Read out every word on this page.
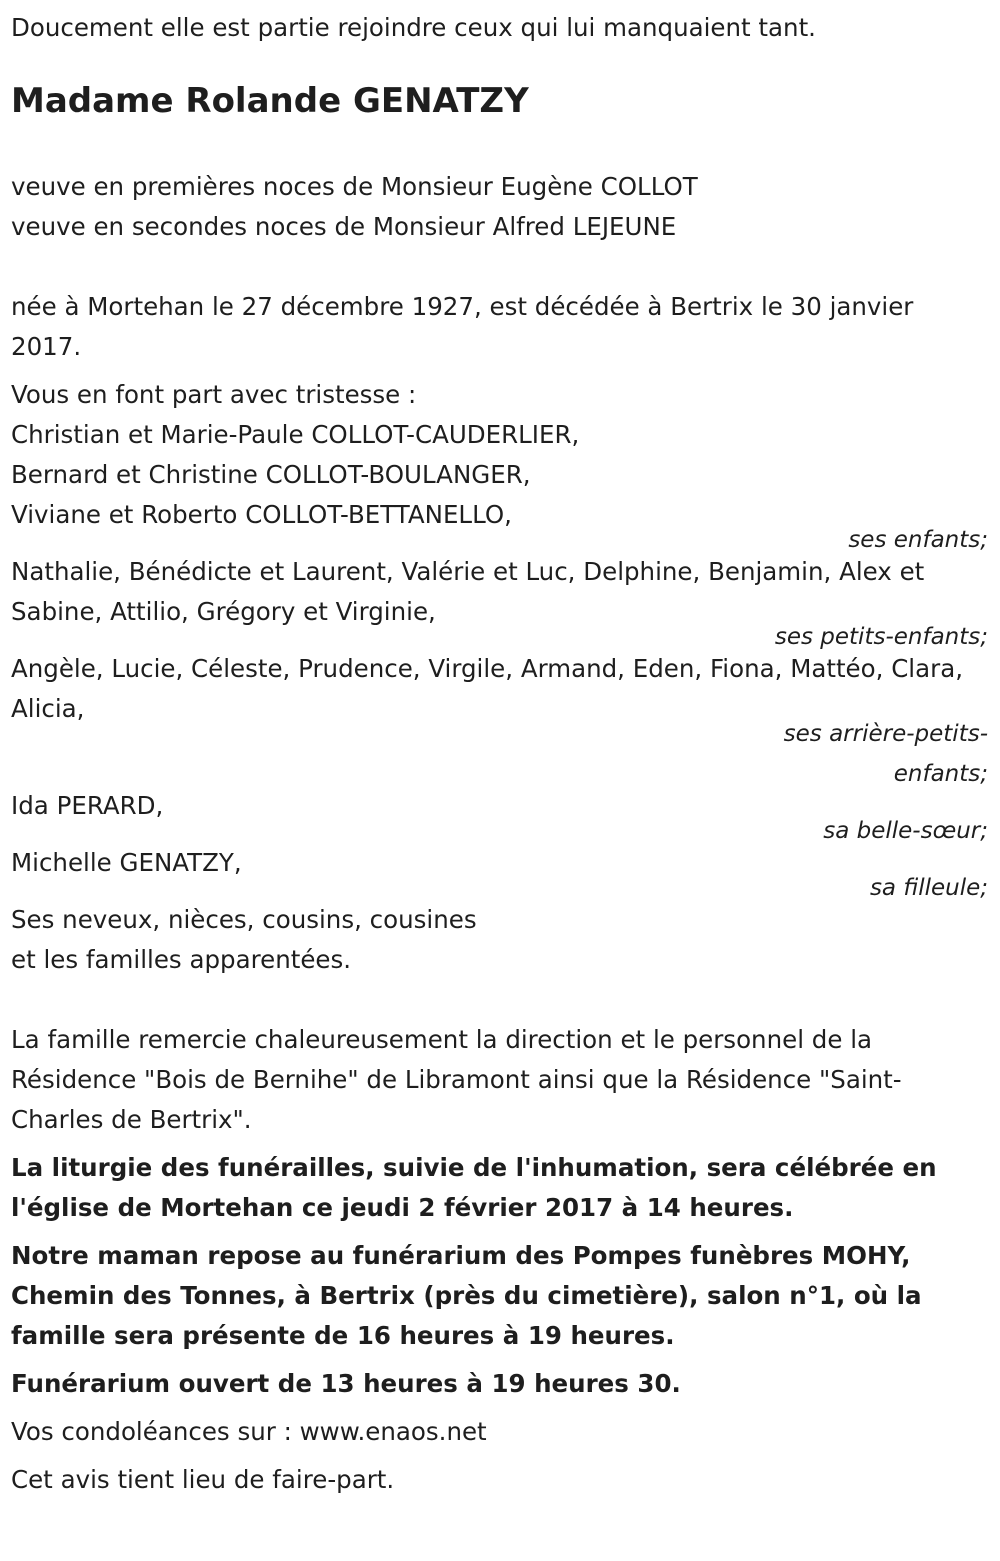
Doucement elle est partie rejoindre ceux qui lui manquaient tant.
Madame Rolande GENATZY
veuve en premières noces de Monsieur Eugène COLLOT
veuve en secondes noces de Monsieur Alfred LEJEUNE
née à Mortehan le 27 décembre 1927, est décédée à Bertrix le 30 janvier 2017.
Vous en font part avec tristesse :
Christian et Marie-Paule COLLOT-CAUDERLIER,
Bernard et Christine COLLOT-BOULANGER,
Viviane et Roberto COLLOT-BETTANELLO,
ses enfants;
Nathalie, Bénédicte et Laurent, Valérie et Luc, Delphine, Benjamin, Alex et Sabine, Attilio, Grégory et Virginie,
ses petits-enfants;
Angèle, Lucie, Céleste, Prudence, Virgile, Armand, Eden, Fiona, Mattéo, Clara, Alicia,
ses arrière-petits-enfants;
Ida PERARD,
sa belle-sœur;
Michelle GENATZY,
sa filleule;
Ses neveux, nièces, cousins, cousines
et les familles apparentées.
La famille remercie chaleureusement la direction et le personnel de la Résidence "Bois de Bernihe" de Libramont ainsi que la Résidence "Saint-Charles de Bertrix".
La liturgie des funérailles, suivie de l'inhumation, sera célébrée en l'église de Mortehan ce jeudi 2 février 2017 à 14 heures.
Notre maman repose au funérarium des Pompes funèbres MOHY, Chemin des Tonnes, à Bertrix (près du cimetière), salon n°1, où la famille sera présente de 16 heures à 19 heures.
Funérarium ouvert de 13 heures à 19 heures 30.
Vos condoléances sur : www.enaos.net
Cet avis tient lieu de faire-part.
